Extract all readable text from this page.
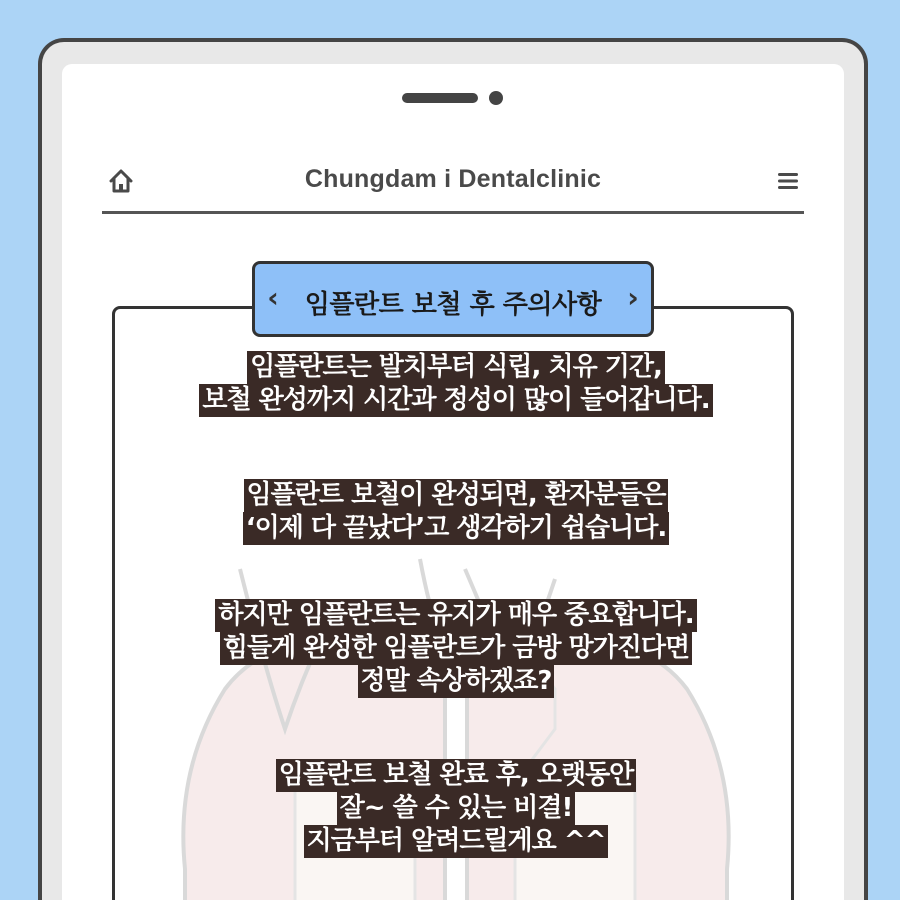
Chungdam i Dentalclinic
임플란트는 발치부터 식립, 치유 기간,
보철 완성까지 시간과 정성이 많이 들어갑니다.
임플란트 보철이 완성되면, 환자분들은
‘이제 다 끝났다’고 생각하기 쉽습니다.
하지만 임플란트는 유지가 매우 중요합니다.
힘들게 완성한 임플란트가 금방 망가진다면
정말 속상하겠죠?
임플란트 보철 완료 후, 오랫동안
잘~ 쓸 수 있는 비결!
지금부터 알려드릴게요 ^^
‹	임플란트 보철 후 주의사항 ›
